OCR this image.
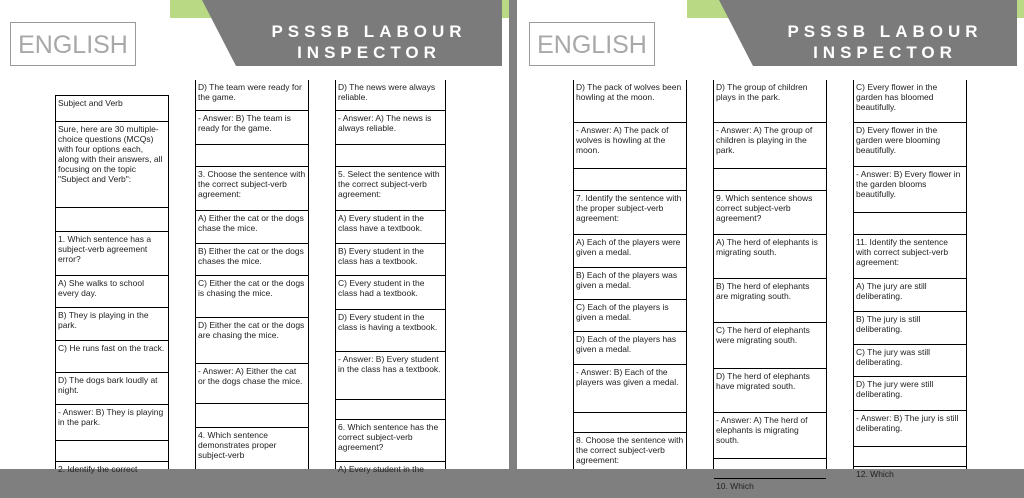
PSSSB LABOUR
INSPECTOR
ENGLISH
Subject and Verb
Sure, here are 30 multiple-choice questions (MCQs) with four options each, along with their answers, all focusing on the topic "Subject and Verb":
1. Which sentence has a subject-verb agreement error?
A) She walks to school every day.
B) They is playing in the park.
C) He runs fast on the track.
D) The dogs bark loudly at night.
- Answer: B) They is playing in the park.
2. Identify the correct
D) The team were ready for the game.
- Answer: B) The team is ready for the game.
3. Choose the sentence with the correct subject-verb agreement:
A) Either the cat or the dogs chase the mice.
B) Either the cat or the dogs chases the mice.
C) Either the cat or the dogs is chasing the mice.
D) Either the cat or the dogs are chasing the mice.
- Answer: A) Either the cat or the dogs chase the mice.
4. Which sentence demonstrates proper subject-verb
D) The news were always reliable.
- Answer: A) The news is always reliable.
5. Select the sentence with the correct subject-verb agreement:
A) Every student in the class have a textbook.
B) Every student in the class has a textbook.
C) Every student in the class had a textbook.
D) Every student in the class is having a textbook.
- Answer: B) Every student in the class has a textbook.
6. Which sentence has the correct subject-verb agreement?
A) Every student in the
PSSSB LABOUR
INSPECTOR
ENGLISH
D) The pack of wolves been howling at the moon.
- Answer: A) The pack of wolves is howling at the moon.
7. Identify the sentence with the proper subject-verb agreement:
A) Each of the players were given a medal.
B) Each of the players was given a medal.
C) Each of the players is given a medal.
D) Each of the players has given a medal.
- Answer: B) Each of the players was given a medal.
8. Choose the sentence with the correct subject-verb agreement:
D) The group of children plays in the park.
- Answer: A) The group of children is playing in the park.
9. Which sentence shows correct subject-verb agreement?
A) The herd of elephants is migrating south.
B) The herd of elephants are migrating south.
C) The herd of elephants were migrating south.
D) The herd of elephants have migrated south.
- Answer: A) The herd of elephants is migrating south.
10. Which
C) Every flower in the garden has bloomed beautifully.
D) Every flower in the garden were blooming beautifully.
- Answer: B) Every flower in the garden blooms beautifully.
11. Identify the sentence with correct subject-verb agreement:
A) The jury are still deliberating.
B) The jury is still deliberating.
C) The jury was still deliberating.
D) The jury were still deliberating.
- Answer: B) The jury is still deliberating.
12. Which
